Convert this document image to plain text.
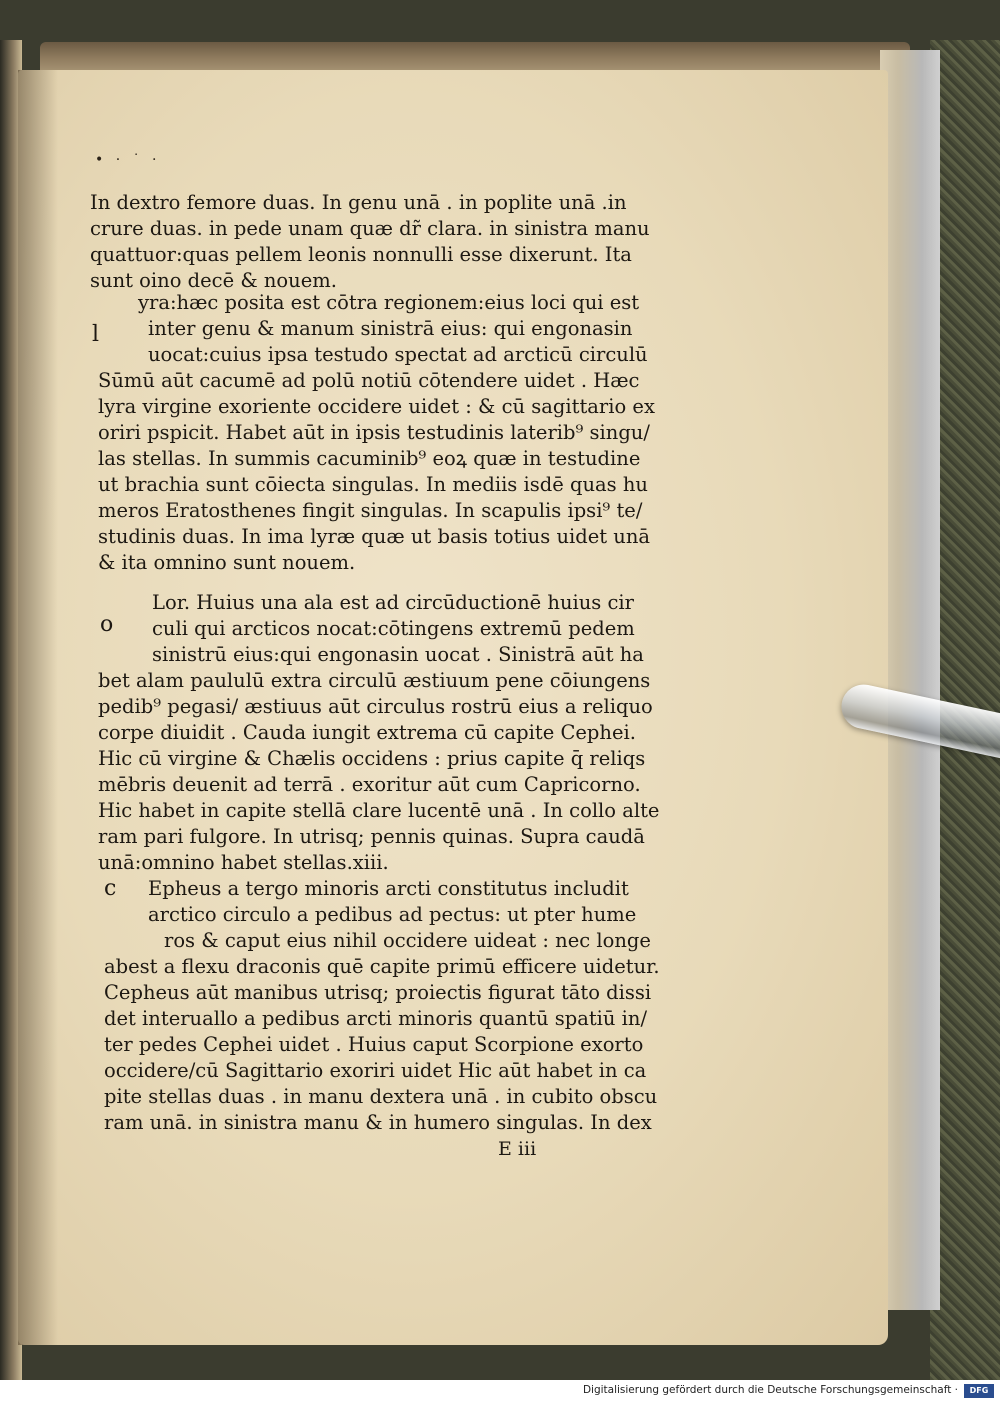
• · ˙ ·
In dextro femore duas. In genu unā . in poplite unā .in
crure duas. in pede unam quæ dr̃ clara. in sinistra manu
quattuor:quas pellem leonis nonnulli esse dixerunt. Ita
sunt oino decē & nouem.
yra:hæc posita est cōtra regionem:eius loci qui est
inter genu & manum sinistrā eius: qui engonasin
uocat:cuius ipsa testudo spectat ad arcticū circulū
Sūmū aūt cacumē ad polū notiū cōtendere uidet . Hæc
lyra virgine exoriente occidere uidet : & cū sagittario ex
oriri pspicit. Habet aūt in ipsis testudinis laterib⁹ singu/
las stellas. In summis cacuminib⁹ eoꝝ quæ in testudine
ut brachia sunt cōiecta singulas. In mediis isdē quas hu
meros Eratosthenes fingit singulas. In scapulis ipsi⁹ te/
studinis duas. In ima lyræ quæ ut basis totius uidet unā
& ita omnino sunt nouem.
Lor. Huius una ala est ad circūductionē huius cir
culi qui arcticos nocat:cōtingens extremū pedem
sinistrū eius:qui engonasin uocat . Sinistrā aūt ha
bet alam paululū extra circulū æstiuum pene cōiungens
pedib⁹ pegasi/ æstiuus aūt circulus rostrū eius a reliquo
corpe diuidit . Cauda iungit extrema cū capite Cephei.
Hic cū virgine & Chælis occidens : prius capite q̄ reliqs
mēbris deuenit ad terrā . exoritur aūt cum Capricorno.
Hic habet in capite stellā clare lucentē unā . In collo alte
ram pari fulgore. In utrisq; pennis quinas. Supra caudā
unā:omnino habet stellas.xiii.
Epheus a tergo minoris arcti constitutus includit
arctico circulo a pedibus ad pectus: ut pter hume
ros & caput eius nihil occidere uideat : nec longe
abest a flexu draconis quē capite primū efficere uidetur.
Cepheus aūt manibus utrisq; proiectis figurat tāto dissi
det interuallo a pedibus arcti minoris quantū spatiū in/
ter pedes Cephei uidet . Huius caput Scorpione exorto
occidere/cū Sagittario exoriri uidet Hic aūt habet in ca
pite stellas duas . in manu dextera unā . in cubito obscu
ram unā. in sinistra manu & in humero singulas. In dex
E iii
l
o
c
Digitalisierung gefördert durch die Deutsche Forschungsgemeinschaft ·	DFG
